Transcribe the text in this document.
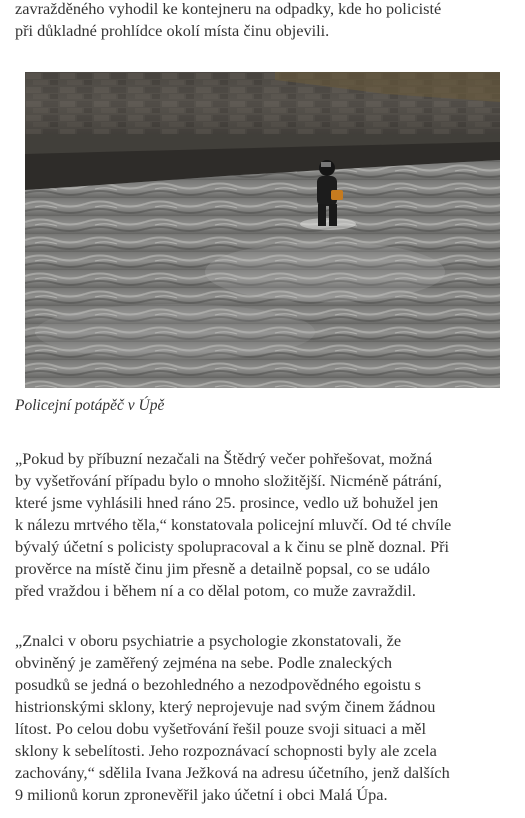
zavražděného vyhodil ke kontejneru na odpadky, kde ho policisté
při důkladné prohlídce okolí místa činu objevili.

Policejní potápěč v Úpě

„Pokud by příbuzní nezačali na Štědrý večer pohřešovat, možná
by vyšetřování případu bylo o mnoho složitější. Nicméně pátrání,
které jsme vyhlásili hned ráno 25. prosince, vedlo už bohužel jen
k nálezu mrtvého těla,“ konstatovala policejní mluvčí. Od té chvíle
bývalý účetní s policisty spolupracoval a k činu se plně doznal. Při
prověrce na místě činu jim přesně a detailně popsal, co se událo
před vraždou i během ní a co dělal potom, co muže zavraždil.

„Znalci v oboru psychiatrie a psychologie zkonstatovali, že
obviněný je zaměřený zejména na sebe. Podle znaleckých
posudků se jedná o bezohledného a nezodpovědného egoistu s
histrionskými sklony, který neprojevuje nad svým činem žádnou
lítost. Po celou dobu vyšetřování řešil pouze svoji situaci a měl
sklony k sebelítosti. Jeho rozpoznávací schopnosti byly ale zcela
zachovány,“ sdělila Ivana Ježková na adresu účetního, jenž dalších
9 milionů korun zpronevěřil jako účetní i obci Malá Úpa.
